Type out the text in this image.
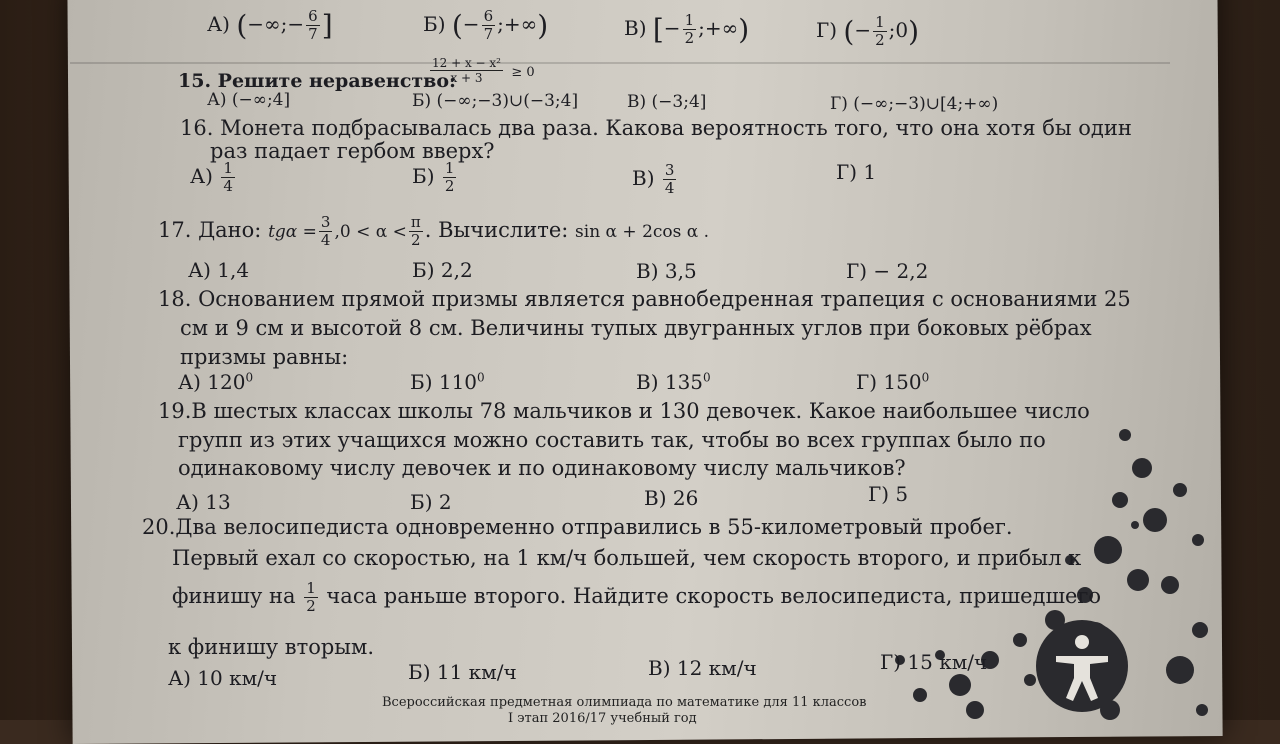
А) (−∞;− $\frac{6}{7}$ ]	Б) (− $\frac{6}{7}$ ;+∞)	В) [− $\frac{1}{2}$ ;+∞)	Г) (− $\frac{1}{2}$ ;0)
15. Решите неравенство:
$\frac{\text{12 + x − x²}}{x + 3} \ge 0$
А) (−∞;4]	Б) (−∞;−3)∪(−3;4]	В) (−3;4]	Г) (−∞;−3)∪[4;+∞)
16. Монета подбрасывалась два раза. Какова вероятность того, что она хотя бы один
раз падает гербом вверх?
$А) \frac{1}{4}$	$Б) \frac{1}{2}$	$В) \frac{3}{4}$	Г) 1
17. Дано: $tg\alpha = \frac{3}{4} ,0 < \alpha < \frac{\pi}{2}$ . Вычислите: sin α + 2cos α .
А) 1,4	Б) 2,2	В) 3,5	Г) − 2,2
18. Основанием прямой призмы является равнобедренная трапеция с основаниями 25
см и 9 см и высотой 8 см. Величины тупых двугранных углов при боковых рёбрах
призмы равны:
А) $120^0$	Б) $110^0$	В) $135^0$	Г) $150^0$
19.В шестых классах школы 78 мальчиков и 130 девочек. Какое наибольшее число
групп из этих учащихся можно составить так, чтобы во всех группах было по
одинаковому числу девочек и по одинаковому числу мальчиков?
А) 13	Б) 2	В) 26	Г) 5
20.Два велосипедиста одновременно отправились в 55-километровый пробег.
Первый ехал со скоростью, на 1 км/ч большей, чем скорость второго, и прибыл к
финишу на $\frac{1}{2}$ часа раньше второго. Найдите скорость велосипедиста, пришедшего
к финишу вторым.
А) 10 км/ч	Б) 11 км/ч	В) 12 км/ч	Г) 15 км/ч
Всероссийская предметная олимпиада по математике для 11 классов
I этап 2016/17 учебный год
